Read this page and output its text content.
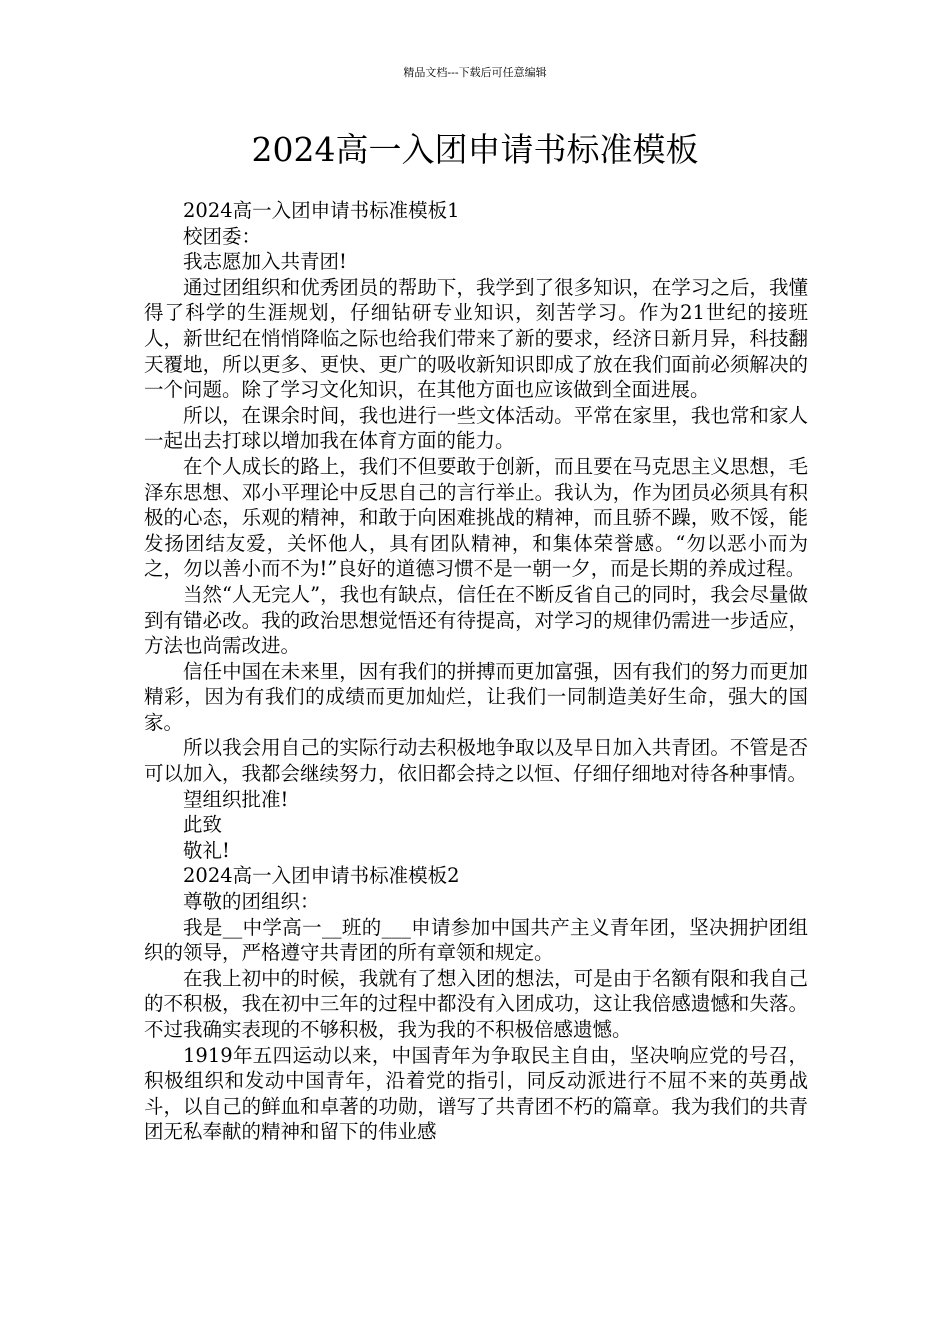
精品文档---下载后可任意编辑
2024高一入团申请书标准模板

2024高一入团申请书标准模板1

校团委：

我志愿加入共青团!

通过团组织和优秀团员的帮助下，我学到了很多知识，在学习之后，我懂得了科学的生涯规划，仔细钻研专业知识，刻苦学习。作为21世纪的接班人，新世纪在悄悄降临之际也给我们带来了新的要求，经济日新月异，科技翻天覆地，所以更多、更快、更广的吸收新知识即成了放在我们面前必须解决的一个问题。除了学习文化知识，在其他方面也应该做到全面进展。

所以，在课余时间，我也进行一些文体活动。平常在家里，我也常和家人一起出去打球以增加我在体育方面的能力。

在个人成长的路上，我们不但要敢于创新，而且要在马克思主义思想，毛泽东思想、邓小平理论中反思自己的言行举止。我认为，作为团员必须具有积极的心态，乐观的精神，和敢于向困难挑战的精神，而且骄不躁，败不馁，能发扬团结友爱，关怀他人，具有团队精神，和集体荣誉感。“勿以恶小而为之，勿以善小而不为!”良好的道德习惯不是一朝一夕，而是长期的养成过程。

当然“人无完人”，我也有缺点，信任在不断反省自己的同时，我会尽量做到有错必改。我的政治思想觉悟还有待提高，对学习的规律仍需进一步适应，方法也尚需改进。

信任中国在未来里，因有我们的拼搏而更加富强，因有我们的努力而更加精彩，因为有我们的成绩而更加灿烂，让我们一同制造美好生命，强大的国家。

所以我会用自己的实际行动去积极地争取以及早日加入共青团。不管是否可以加入，我都会继续努力，依旧都会持之以恒、仔细仔细地对待各种事情。

望组织批准!

此致

敬礼!

2024高一入团申请书标准模板2

尊敬的团组织：

我是__中学高一__班的___申请参加中国共产主义青年团，坚决拥护团组织的领导，严格遵守共青团的所有章领和规定。

在我上初中的时候，我就有了想入团的想法，可是由于名额有限和我自己的不积极，我在初中三年的过程中都没有入团成功，这让我倍感遗憾和失落。不过我确实表现的不够积极，我为我的不积极倍感遗憾。

1919年五四运动以来，中国青年为争取民主自由，坚决响应党的号召，积极组织和发动中国青年，沿着党的指引，同反动派进行不屈不来的英勇战斗，以自己的鲜血和卓著的功勋，谱写了共青团不朽的篇章。我为我们的共青团无私奉献的精神和留下的伟业感
